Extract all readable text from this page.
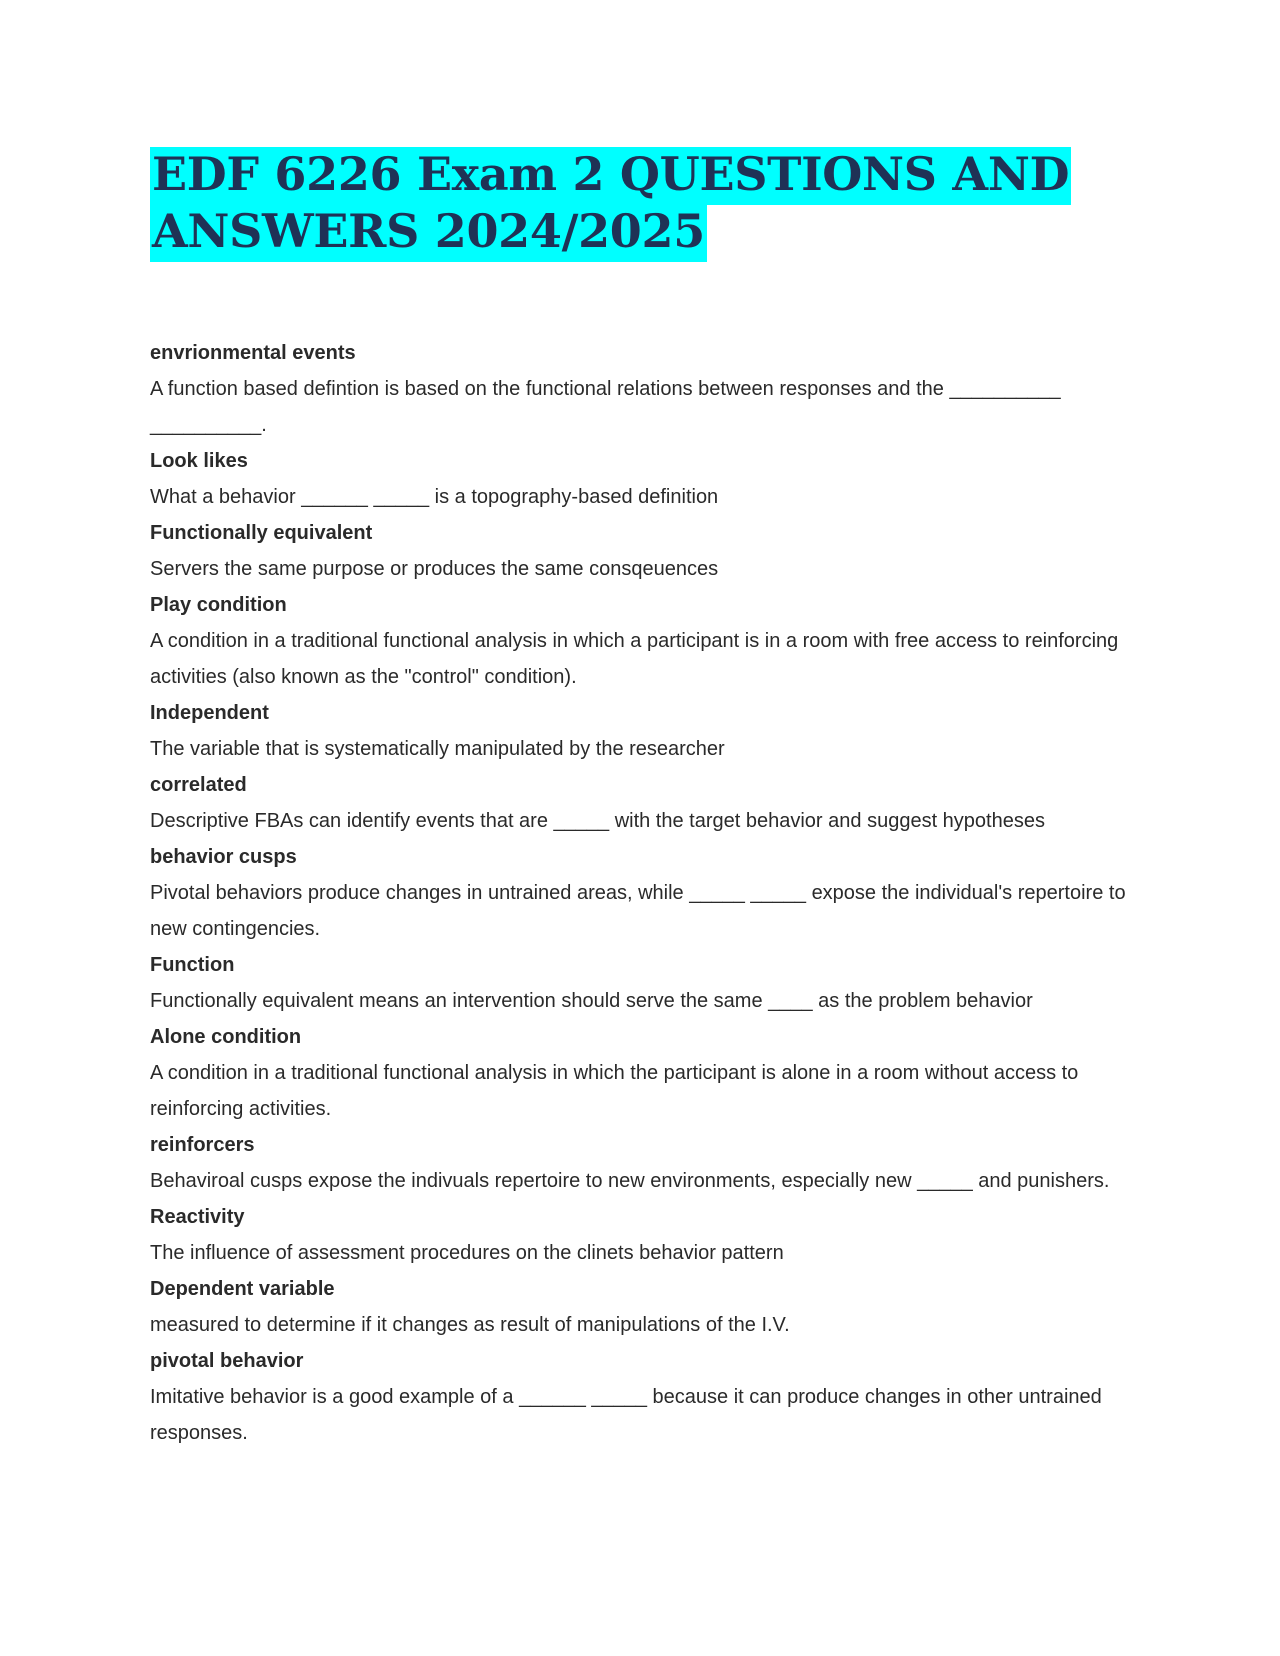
EDF 6226 Exam 2 QUESTIONS AND
ANSWERS 2024/2025

envrionmental events

A function based defintion is based on the functional relations between responses and the __________ __________.

Look likes

What a behavior ______ _____ is a topography-based definition

Functionally equivalent

Servers the same purpose or produces the same consqeuences

Play condition

A condition in a traditional functional analysis in which a participant is in a room with free access to reinforcing activities (also known as the "control" condition).

Independent

The variable that is systematically manipulated by the researcher

correlated

Descriptive FBAs can identify events that are _____ with the target behavior and suggest hypotheses

behavior cusps

Pivotal behaviors produce changes in untrained areas, while _____ _____ expose the individual's repertoire to new contingencies.

Function

Functionally equivalent means an intervention should serve the same ____ as the problem behavior

Alone condition

A condition in a traditional functional analysis in which the participant is alone in a room without access to reinforcing activities.

reinforcers

Behaviroal cusps expose the indivuals repertoire to new environments, especially new _____ and punishers.

Reactivity

The influence of assessment procedures on the clinets behavior pattern

Dependent variable

measured to determine if it changes as result of manipulations of the I.V.

pivotal behavior

Imitative behavior is a good example of a ______ _____ because it can produce changes in other untrained responses.
